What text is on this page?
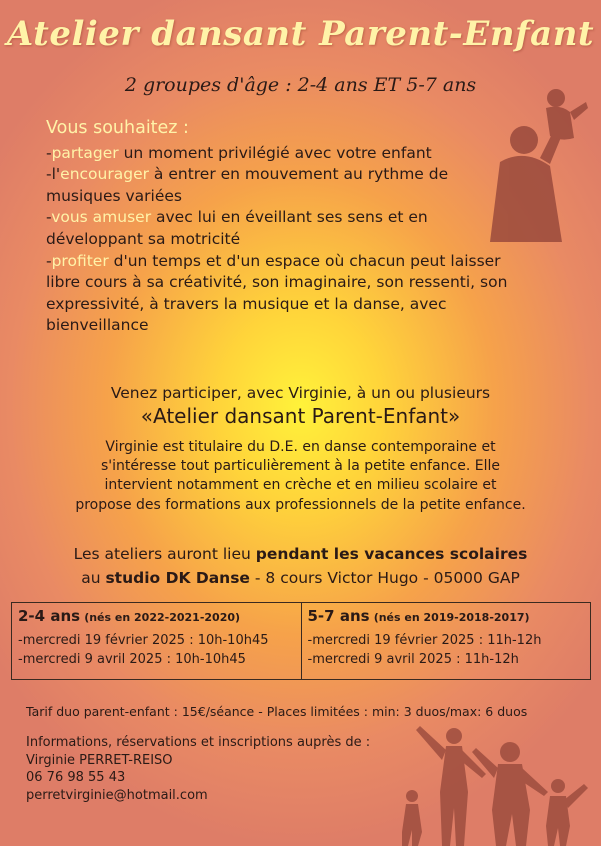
Atelier dansant Parent-Enfant
2 groupes d'âge : 2-4 ans ET 5-7 ans
Vous souhaitez :
-partager un moment privilégié avec votre enfant
-l'encourager à entrer en mouvement au rythme de musiques variées
-vous amuser avec lui en éveillant ses sens et en développant sa motricité
-profiter d'un temps et d'un espace où chacun peut laisser libre cours à sa créativité, son imaginaire, son ressenti, son expressivité, à travers la musique et la danse, avec bienveillance
Venez participer, avec Virginie, à un ou plusieurs
«Atelier dansant Parent-Enfant»
Virginie est titulaire du D.E. en danse contemporaine et
s'intéresse tout particulièrement à la petite enfance. Elle
intervient notamment en crèche et en milieu scolaire et
propose des formations aux professionnels de la petite enfance.
Les ateliers auront lieu pendant les vacances scolaires
au studio DK Danse - 8 cours Victor Hugo - 05000 GAP
2-4 ans (nés en 2022-2021-2020)
-mercredi 19 février 2025 : 10h-10h45
-mercredi 9 avril 2025 : 10h-10h45
5-7 ans (nés en 2019-2018-2017)
-mercredi 19 février 2025 : 11h-12h
-mercredi 9 avril 2025 : 11h-12h
Tarif duo parent-enfant : 15€/séance - Places limitées : min: 3 duos/max: 6 duos
Informations, réservations et inscriptions auprès de :
Virginie PERRET-REISO
06 76 98 55 43
perretvirginie@hotmail.com
